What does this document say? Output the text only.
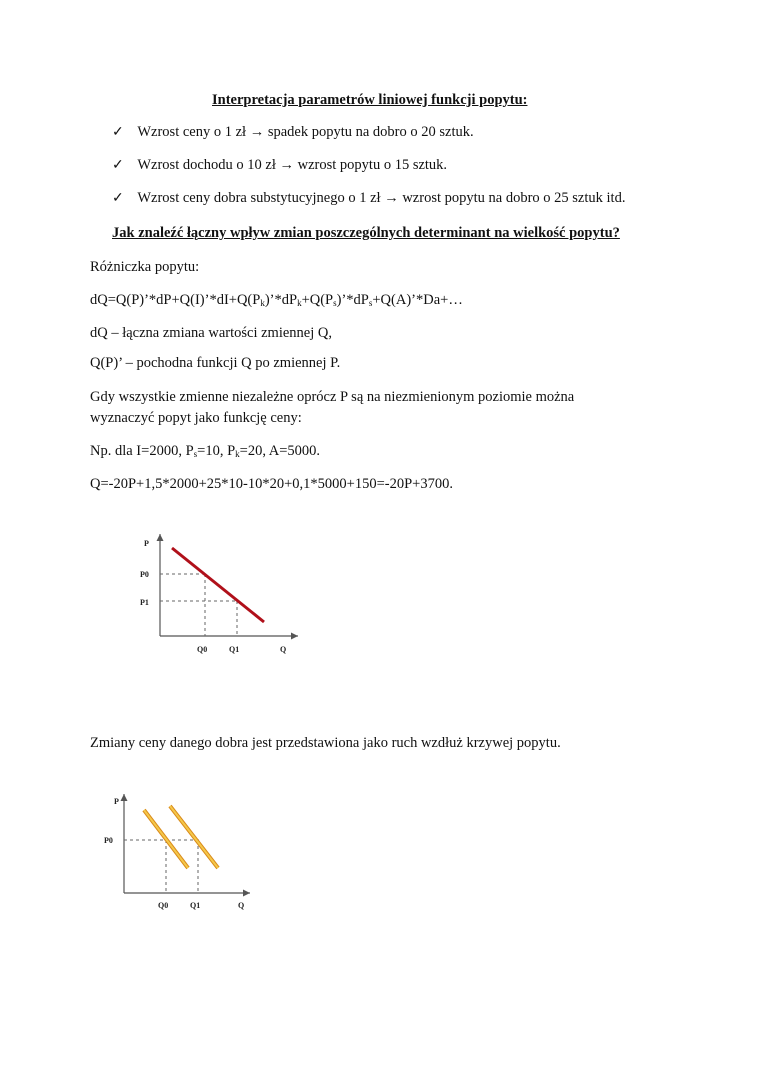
Interpretacja parametrów liniowej funkcji popytu:
✓ Wzrost ceny o 1 zł → spadek popytu na dobro o 20 sztuk.
✓ Wzrost dochodu o 10 zł → wzrost popytu o 15 sztuk.
✓ Wzrost ceny dobra substytucyjnego o 1 zł → wzrost popytu na dobro o 25 sztuk itd.
Jak znaleźć łączny wpływ zmian poszczególnych determinant na wielkość popytu?
Różniczka popytu:
$dQ=Q(P)’*dP+Q(I)’*dI+Q(P_k)’*dP_k+Q(P_s)’*dP_s+Q(A)’*Da+\dots$
dQ – łączna zmiana wartości zmiennej Q,
Q(P)’ – pochodna funkcji Q po zmiennej P.
Gdy wszystkie zmienne niezależne oprócz P są na niezmienionym poziomie można
wyznaczyć popyt jako funkcję ceny:
Np. dla I=2000, $P_s=10$, $P_k=20$, A=5000.
Q=-20P+1,5*2000+25*10-10*20+0,1*5000+150=-20P+3700.
P
Q
P0
P1
Q0	Q1
Zmiany ceny danego dobra jest przedstawiona jako ruch wzdłuż krzywej popytu.
P
Q
P0
Q0	Q1
